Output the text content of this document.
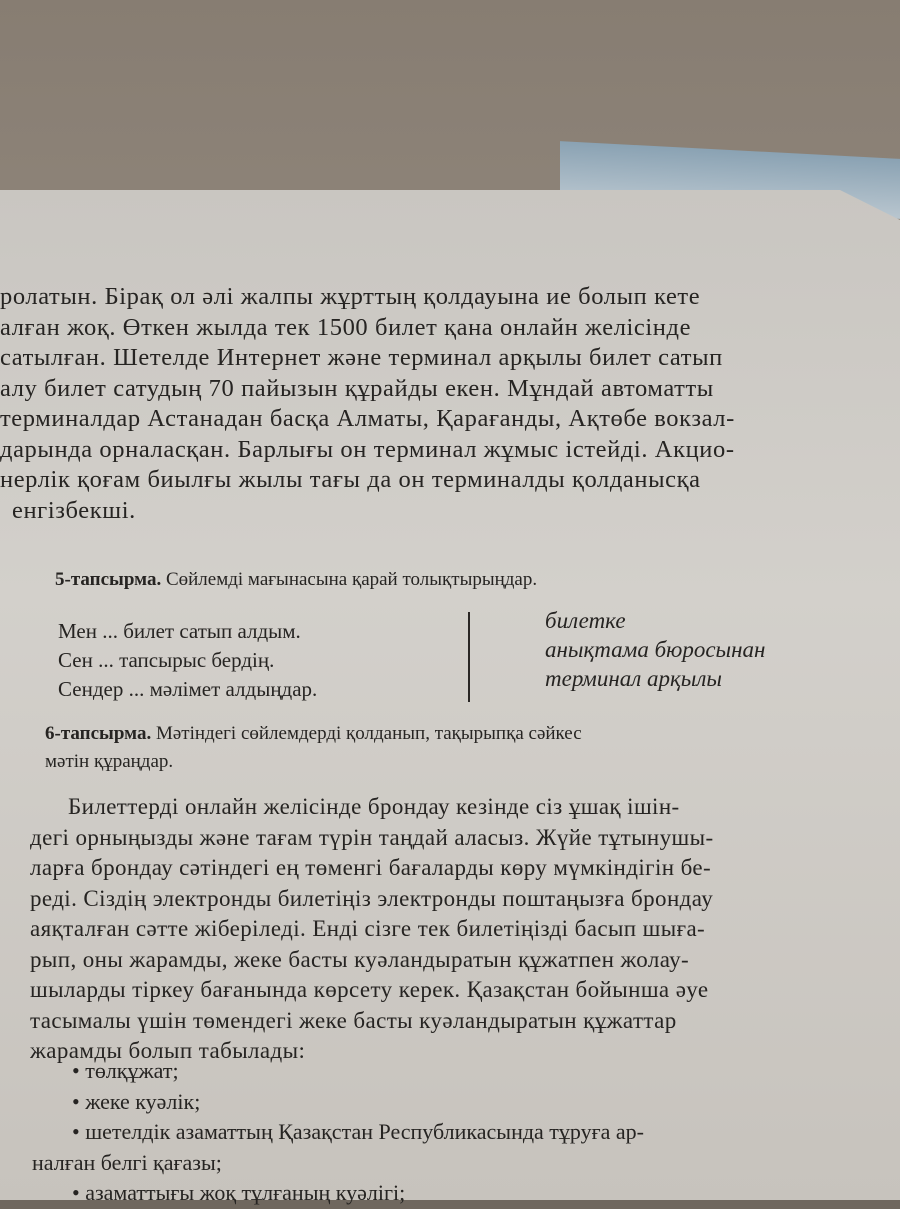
ролатын. Бірақ ол әлі жалпы жұрттың қолдауына ие болып кете
алған жоқ. Өткен жылда тек 1500 билет қана онлайн желісінде
сатылған. Шетелде Интернет және терминал арқылы билет сатып
алу билет сатудың 70 пайызын құрайды екен. Мұндай автоматты
терминалдар Астанадан басқа Алматы, Қарағанды, Ақтөбе вокзал-
дарында орналасқан. Барлығы он терминал жұмыс істейді. Акцио-
нерлік қоғам биылғы жылы тағы да он терминалды қолданысқа
енгізбекші.
5-тапсырма. Сөйлемді мағынасына қарай толықтырыңдар.
Мен ... билет сатып алдым.
Сен ... тапсырыс бердің.
Сендер ... мәлімет алдыңдар.
билетке
анықтама бюросынан
терминал арқылы
6-тапсырма. Мәтіндегі сөйлемдерді қолданып, тақырыпқа сәйкес
мәтін құраңдар.
Билеттерді онлайн желісінде брондау кезінде сіз ұшақ ішін-
дегі орныңызды және тағам түрін таңдай аласыз. Жүйе тұтынушы-
ларға брондау сәтіндегі ең төменгі бағаларды көру мүмкіндігін бе-
реді. Сіздің электронды билетіңіз электронды поштаңызға брондау
аяқталған сәтте жіберіледі. Енді сізге тек билетіңізді басып шыға-
рып, оны жарамды, жеке басты куәландыратын құжатпен жолау-
шыларды тіркеу бағанында көрсету керек. Қазақстан бойынша әуе
тасымалы үшін төмендегі жеке басты куәландыратын құжаттар
жарамды болып табылады:
• төлқұжат;
• жеке куәлік;
• шетелдік азаматтың Қазақстан Республикасында тұруға ар-
налған белгі қағазы;
• азаматтығы жоқ тұлғаның куәлігі;
